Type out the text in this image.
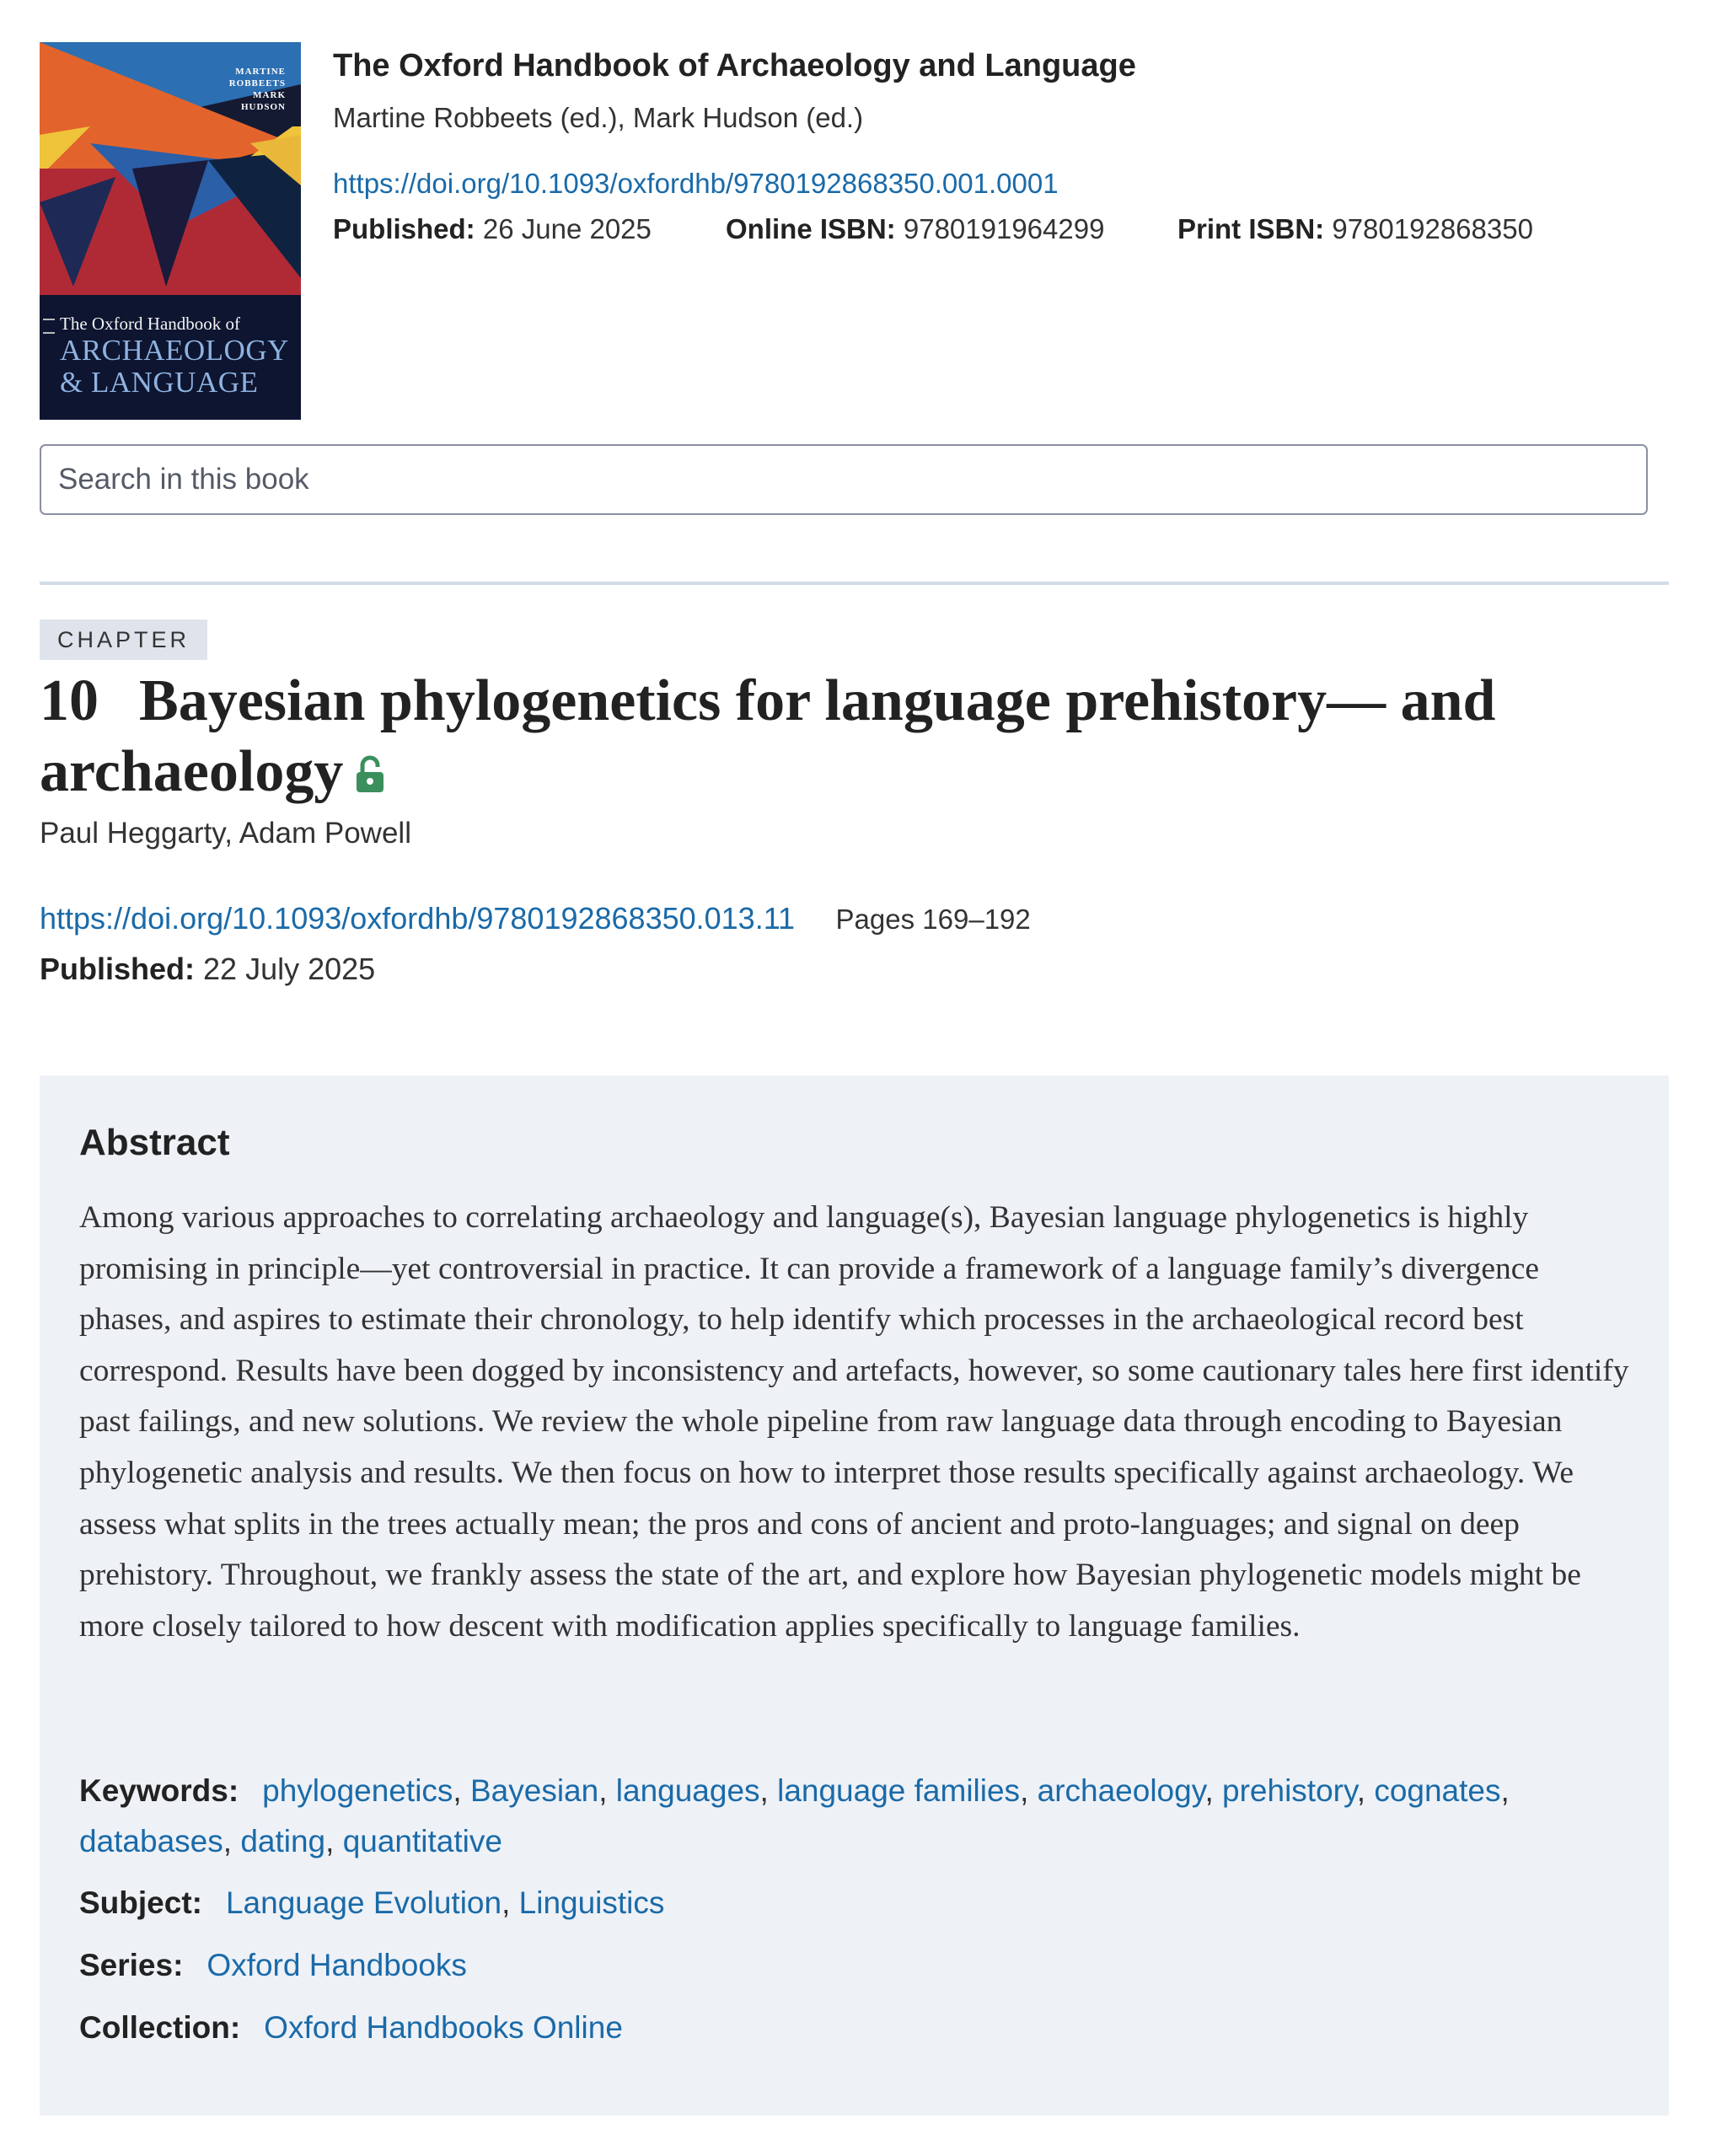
MARTINE
ROBBEETS
MARK
HUDSON
The Oxford Handbook of
ARCHAEOLOGY
& LANGUAGE
The Oxford Handbook of Archaeology and Language
Martine Robbeets (ed.), Mark Hudson (ed.)
https://doi.org/10.1093/oxfordhb/9780192868350.001.0001
Published: 26 June 2025	Online ISBN: 9780191964299	Print ISBN: 9780192868350
Search in this book
CHAPTER
10 Bayesian phylogenetics for language prehistory— and archaeology
Paul Heggarty, Adam Powell
https://doi.org/10.1093/oxfordhb/9780192868350.013.11 Pages 169–192
Published: 22 July 2025
Abstract

Among various approaches to correlating archaeology and language(s), Bayesian language phylogenetics is highly promising in principle—yet controversial in practice. It can provide a framework of a language family’s divergence phases, and aspires to estimate their chronology, to help identify which processes in the archaeological record best correspond. Results have been dogged by inconsistency and artefacts, however, so some cautionary tales here first identify past failings, and new solutions. We review the whole pipeline from raw language data through encoding to Bayesian phylogenetic analysis and results. We then focus on how to interpret those results specifically against archaeology. We assess what splits in the trees actually mean; the pros and cons of ancient and proto-languages; and signal on deep prehistory. Throughout, we frankly assess the state of the art, and explore how Bayesian phylogenetic models might be more closely tailored to how descent with modification applies specifically to language families.

Keywords: phylogenetics, Bayesian, languages, language families, archaeology, prehistory, cognates, databases, dating, quantitative
Subject: Language Evolution, Linguistics
Series: Oxford Handbooks
Collection: Oxford Handbooks Online
